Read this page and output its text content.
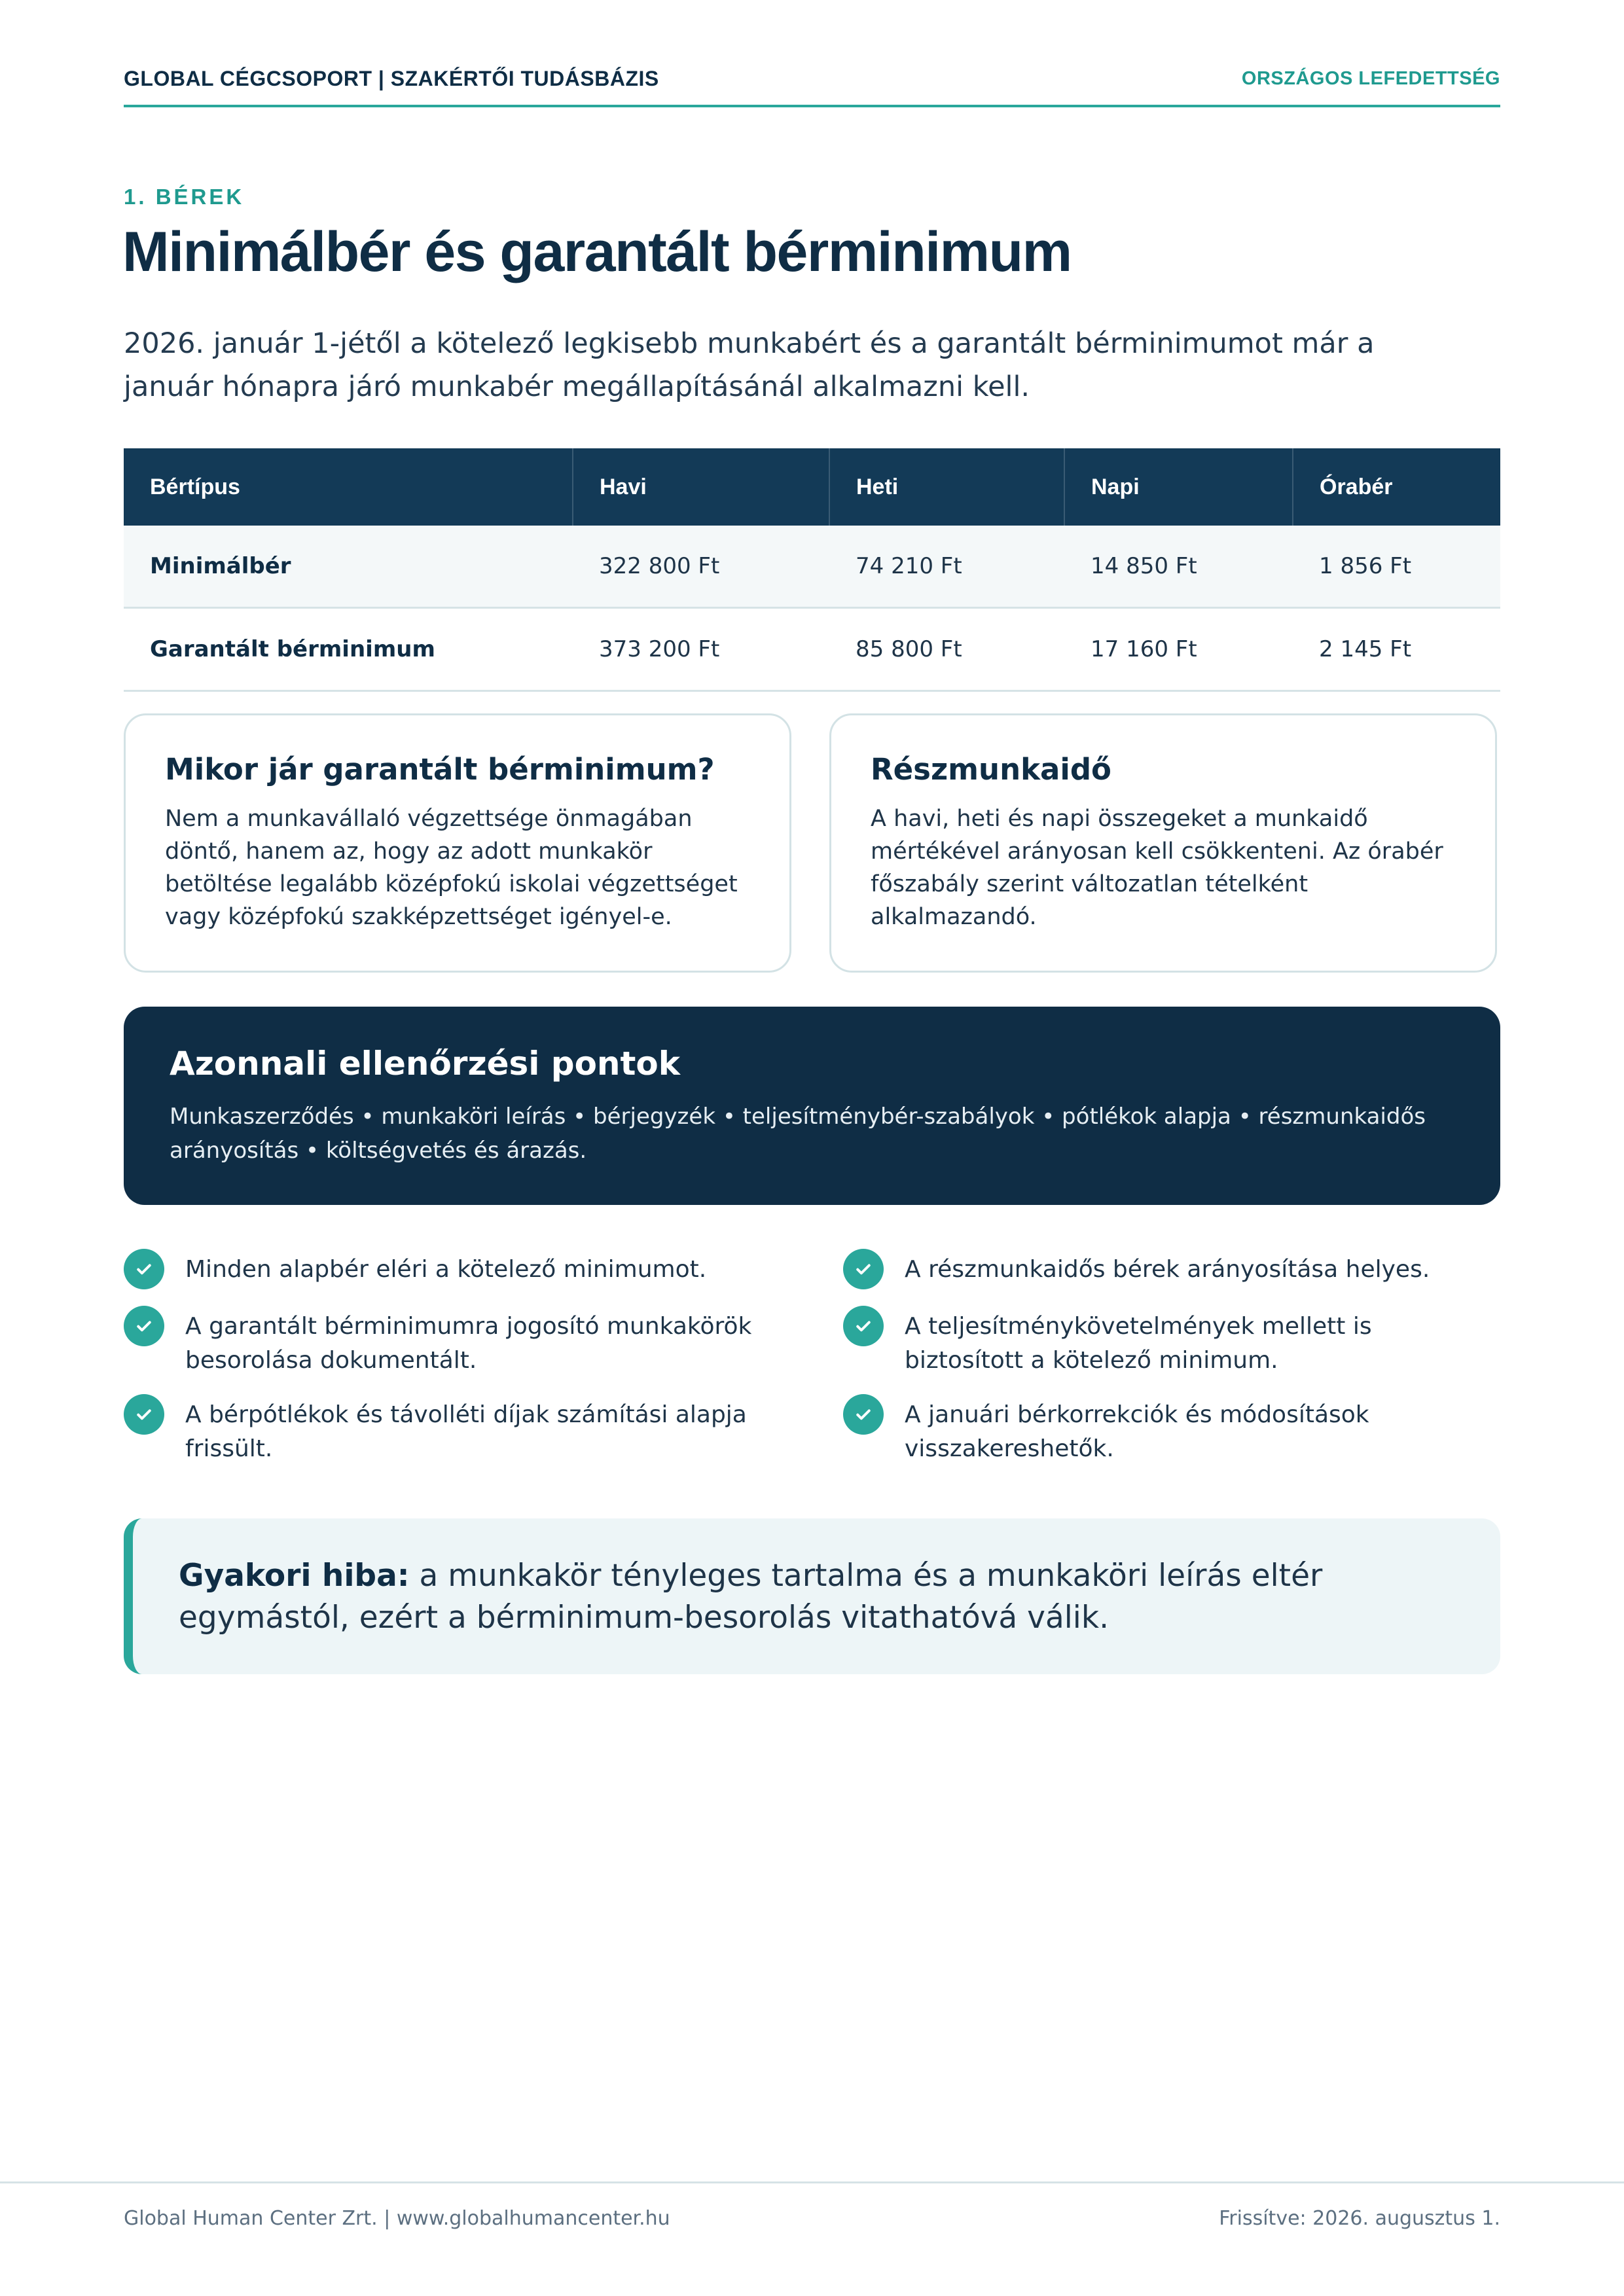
GLOBAL CÉGCSOPORT | SZAKÉRTŐI TUDÁSBÁZIS	ORSZÁGOS LEFEDETTSÉG
1. BÉREK
Minimálbér és garantált bérminimum

2026. január 1-jétől a kötelező legkisebb munkabért és a garantált bérminimumot már a január hónapra járó munkabér megállapításánál alkalmazni kell.

Bértípus	Havi	Heti	Napi	Órabér
Minimálbér	322 800 Ft	74 210 Ft	14 850 Ft	1 856 Ft
Garantált bérminimum	373 200 Ft	85 800 Ft	17 160 Ft	2 145 Ft
Mikor jár garantált bérminimum?

Nem a munkavállaló végzettsége önmagában döntő, hanem az, hogy az adott munkakör betöltése legalább középfokú iskolai végzettséget vagy középfokú szakképzettséget igényel-e.

Részmunkaidő

A havi, heti és napi összegeket a munkaidő mértékével arányosan kell csökkenteni. Az órabér főszabály szerint változatlan tételként alkalmazandó.

Azonnali ellenőrzési pontok

Munkaszerződés • munkaköri leírás • bérjegyzék • teljesítménybér-szabályok • pótlékok alapja • részmunkaidős arányosítás • költségvetés és árazás.

Minden alapbér eléri a kötelező minimumot.	A részmunkaidős bérek arányosítása helyes.
A garantált bérminimumra jogosító munkakörök besorolása dokumentált.
A teljesítménykövetelmények mellett is biztosított a kötelező minimum.
A bérpótlékok és távolléti díjak számítási alapja frissült.
A januári bérkorrekciók és módosítások visszakereshetők.

Gyakori hiba: a munkakör tényleges tartalma és a munkaköri leírás eltér egymástól, ezért a bérminimum-besorolás vitathatóvá válik.

Global Human Center Zrt. | www.globalhumancenter.hu	Frissítve: 2026. augusztus 1.
